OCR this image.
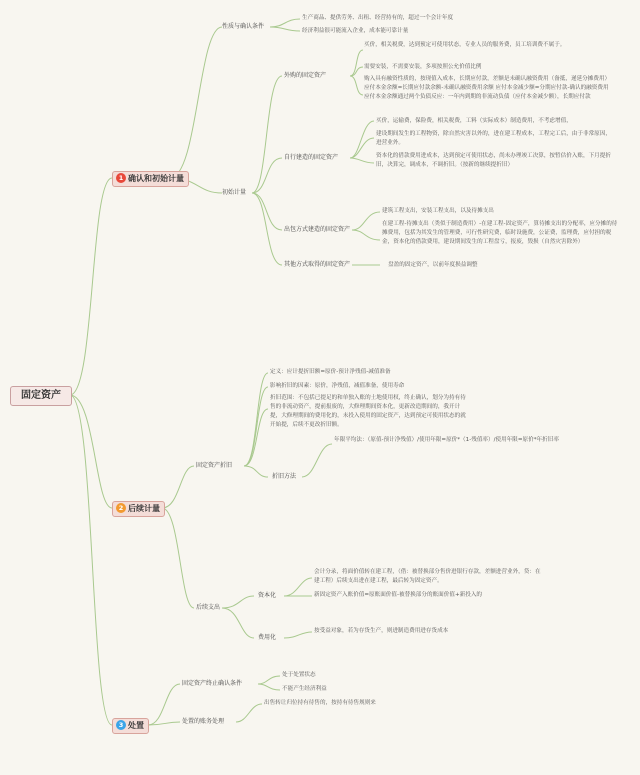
固定资产
1 确认和初始计量
2 后续计量
3 处置
性质与确认条件
生产商品、提供劳务、出租、经营持有的，超过一个会计年度
经济利益很可能流入企业，成本能可靠计量
初始计量
外购的固定资产
买价，相关税费，达到预定可使用状态，专业人员的服务费，员工培训费不属于。
需要安装，不需要安装，多项按照公允价值比例
购入具有融资性质的，按现值入成本，长期应付款，差额是未确认融资费用（备抵，递延分摊费用）应付本金余额=长期应付款余额-未确认融资费用余额 应付本金减少额=分期应付款-确认的融资费用 应付本金余额通过两个负债反应：一年内到期的非流动负债（应付本金减少额），长期应付款
自行建造的固定资产
买价，运输费，保险费，相关税费，工料（实际成本）制造费用，不考虑增值，
建设期间发生的工程物资，除自然灾害以外的，进在建工程成本，工程完工后，由于非常原因，进营业外。
资本化的借款费用进成本，达到预定可使用状态，尚未办理竣工决算，按暂估价入账，下月提折旧，决算完，调成本，不调折旧。（按新的继续提折旧）
出包方式建造的固定资产
建筑工程支出，安装工程支出，以及待摊支出
在建工程-待摊支出（类似于制造费用）-在建工程-固定资产，算待摊支出的分配率，应分摊的待摊费用，包括为其发生的管理费，可行性研究费，临时设施费，公证费，监理费，应付担的税金，资本化的借款费用，建设期间发生的工程盘亏，报废，毁损（自然灾害除外）
其他方式取得的固定资产	盘盈的固定资产，以前年度损益调整
固定资产折旧
定义：应计提折旧额=原价-预计净残值-减值准备
影响折旧的因素：原价，净残值，减值准备，使用寿命
折旧范围：不包括已提足的和单独入账的土地使用权，终止确认，划分为持有待售的非流动资产，提前报废的，大修理期间资本化，更新改造期间的，我开计提，大修理期间的费用化的，未投入使用的固定资产，达到预定可使用状态的就开始提，后续不更改折旧额。
折旧方法
年限平均法：（原值-预计净残值）/使用年限=原价*（1-残值率）/使用年限=原价*年折旧率
后续支出
资本化
会计分录，将面价值转在建工程，（借：被替换部分售价进银行存款，差额进营业外，贷：在建工程）后续支出进在建工程，最后转为固定资产。
新固定资产入账价值=原账面价值-被替换部分的账面价值+新投入的
费用化
按受益对象，若为存货生产，则进制造费用进存货成本
固定资产终止确认条件
处于处置状态
不能产生经济利益
处置的账务处理
出售转让归位持有待售的，按持有待售规则来
